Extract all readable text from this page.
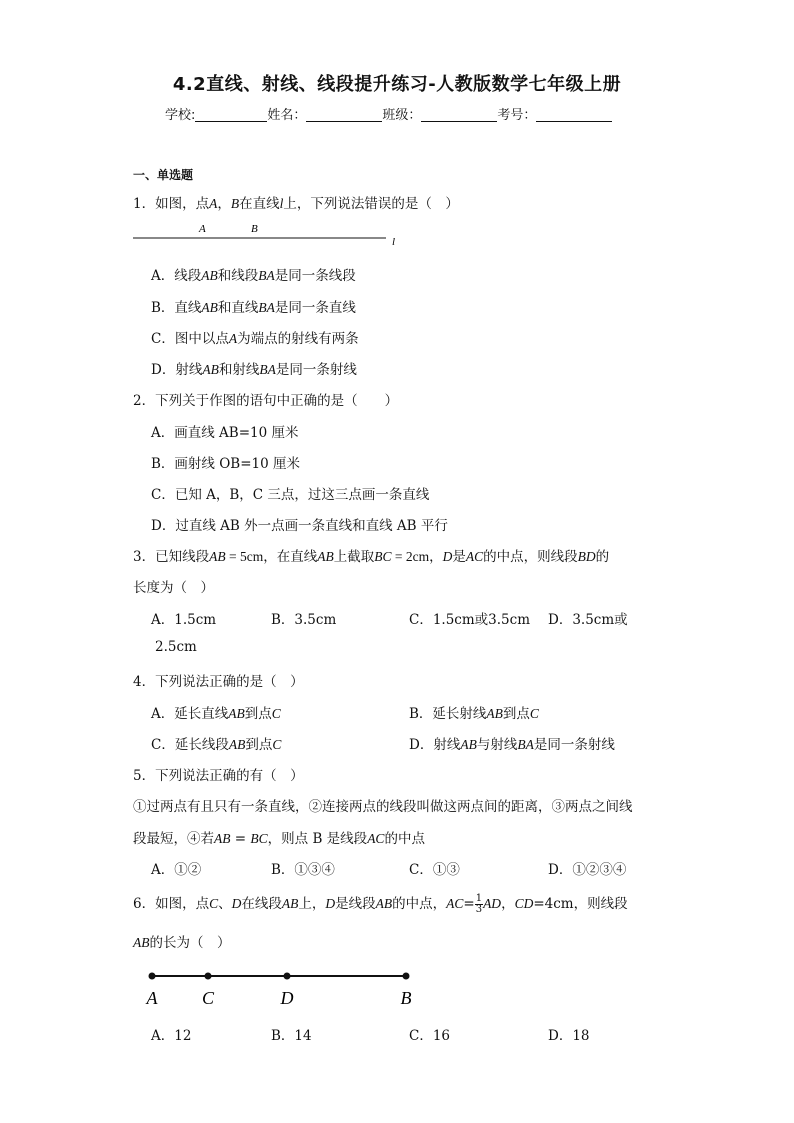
4.2直线、射线、线段提升练习-人教版数学七年级上册
学校:	姓名：	班级：	考号：
一、单选题
1．如图，点A，B在直线l上，下列说法错误的是（　）
A	B
l
A．线段AB和线段BA是同一条线段
B．直线AB和直线BA是同一条直线
C．图中以点A为端点的射线有两条
D．射线AB和射线BA是同一条射线
2．下列关于作图的语句中正确的是（　　）
A．画直线 AB=10 厘米
B．画射线 OB=10 厘米
C．已知 A，B，C 三点，过这三点画一条直线
D．过直线 AB 外一点画一条直线和直线 AB 平行
3．已知线段AB = 5cm，在直线AB上截取BC = 2cm，D是AC的中点，则线段BD的
长度为（　）
A．1.5cm	B．3.5cm	C．1.5cm或3.5cm D．3.5cm或
2.5cm
4．下列说法正确的是（　）
A．延长直线AB到点C	B．延长射线AB到点C
C．延长线段AB到点C	D．射线AB与射线BA是同一条射线
5．下列说法正确的有（　）
①过两点有且只有一条直线，②连接两点的线段叫做这两点间的距离，③两点之间线
段最短，④若AB = BC，则点 B 是线段AC的中点
A．①②	B．①③④	C．①③	D．①②③④
6．如图，点C、D在线段AB上，D是线段AB的中点，$AC= \frac{1}{3}$ AD，CD=4cm，则线段
AB的长为（　）
A C	D	B
A．12	B．14	C．16	D．18
